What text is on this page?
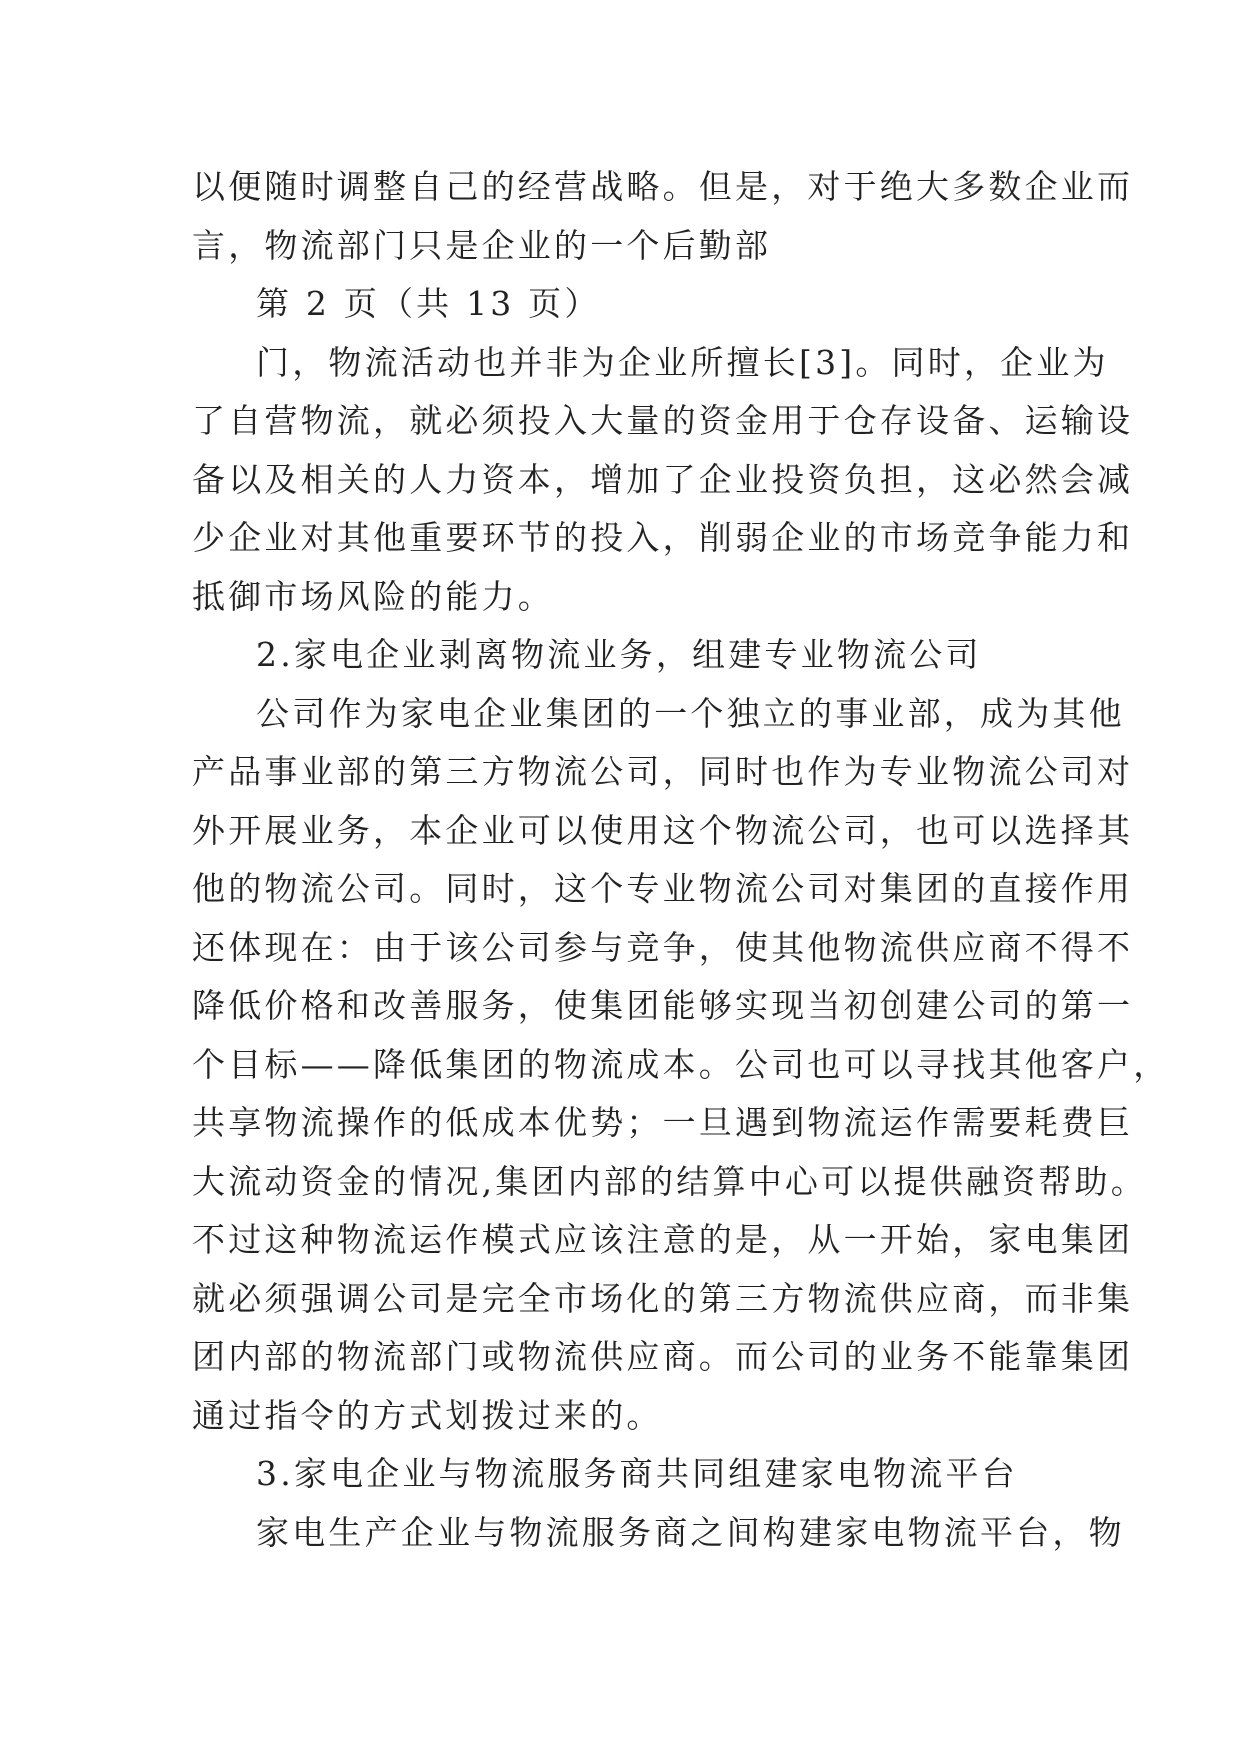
以便随时调整自己的经营战略。但是，对于绝大多数企业而
言，物流部门只是企业的一个后勤部
第 2 页（共 13 页）
门，物流活动也并非为企业所擅长[3]。同时，企业为
了自营物流，就必须投入大量的资金用于仓存设备、运输设
备以及相关的人力资本，增加了企业投资负担，这必然会减
少企业对其他重要环节的投入，削弱企业的市场竞争能力和
抵御市场风险的能力。
2.家电企业剥离物流业务，组建专业物流公司
公司作为家电企业集团的一个独立的事业部，成为其他
产品事业部的第三方物流公司，同时也作为专业物流公司对
外开展业务，本企业可以使用这个物流公司，也可以选择其
他的物流公司。同时，这个专业物流公司对集团的直接作用
还体现在：由于该公司参与竞争，使其他物流供应商不得不
降低价格和改善服务，使集团能够实现当初创建公司的第一
个目标——降低集团的物流成本。公司也可以寻找其他客户，
共享物流操作的低成本优势；一旦遇到物流运作需要耗费巨
大流动资金的情况,集团内部的结算中心可以提供融资帮助。
不过这种物流运作模式应该注意的是，从一开始，家电集团
就必须强调公司是完全市场化的第三方物流供应商，而非集
团内部的物流部门或物流供应商。而公司的业务不能靠集团
通过指令的方式划拨过来的。
3.家电企业与物流服务商共同组建家电物流平台
家电生产企业与物流服务商之间构建家电物流平台，物
